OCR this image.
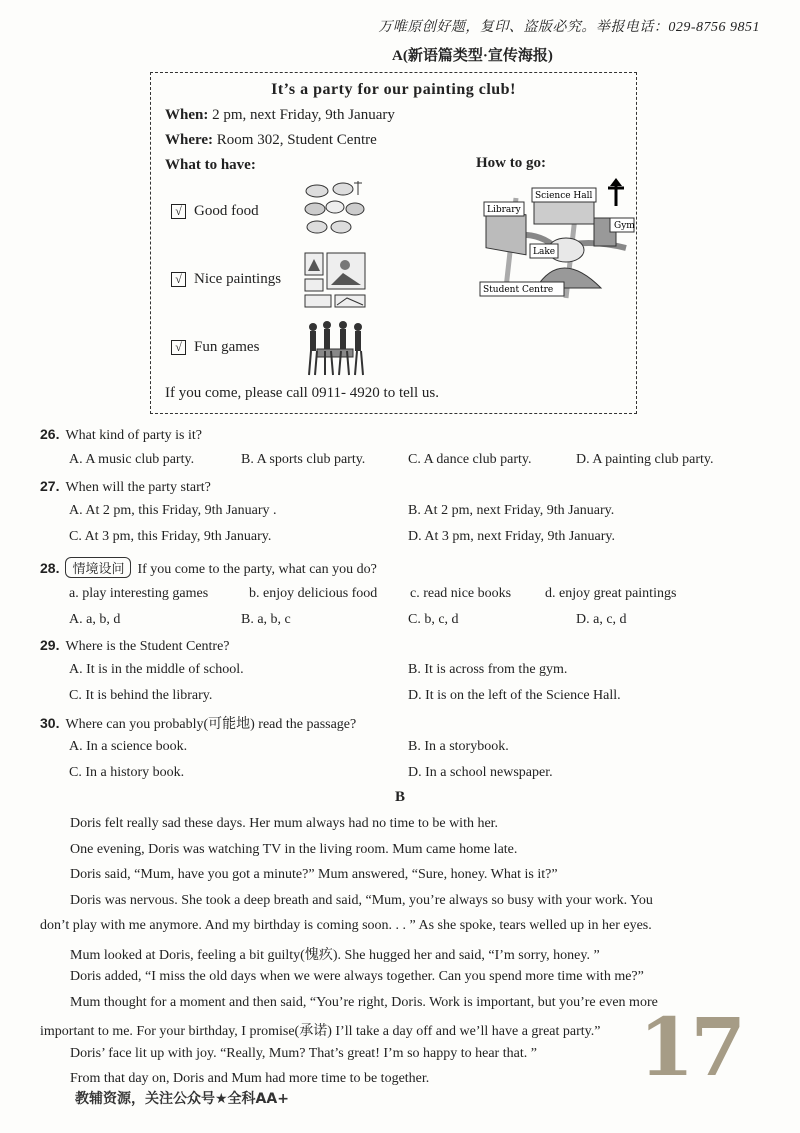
万唯原创好题，复印、盗版必究。举报电话：029-8756 9851
A(新语篇类型·宣传海报)
It’s a party for our painting club!
When: 2 pm, next Friday, 9th January
Where: Room 302, Student Centre
What to have:	How to go:
√ Good food
√ Nice paintings
√ Fun games
Library
Science Hall
Gym
Lake
Student Centre
If you come, please call 0911- 4920 to tell us.
26. What kind of party is it?
A. A music club party.	B. A sports club party.	C. A dance club party.	D. A painting club party.
27. When will the party start?
A. At 2 pm, this Friday, 9th January .	B. At 2 pm, next Friday, 9th January.
C. At 3 pm, this Friday, 9th January.	D. At 3 pm, next Friday, 9th January.
28. 情境设问 If you come to the party, what can you do?
a. play interesting games	b. enjoy delicious food c. read nice books d. enjoy great paintings
A. a, b, d	B. a, b, c	C. b, c, d	D. a, c, d
29. Where is the Student Centre?
A. It is in the middle of school.	B. It is across from the gym.
C. It is behind the library.	D. It is on the left of the Science Hall.
30. Where can you probably(可能地) read the passage?
A. In a science book.	B. In a storybook.
C. In a history book.	D. In a school newspaper.
B
Doris felt really sad these days. Her mum always had no time to be with her.
One evening, Doris was watching TV in the living room. Mum came home late.
Doris said, “Mum, have you got a minute?” Mum answered, “Sure, honey. What is it?”
Doris was nervous. She took a deep breath and said, “Mum, you’re always so busy with your work. You
don’t play with me anymore. And my birthday is coming soon. . . ” As she spoke, tears welled up in her eyes.
Mum looked at Doris, feeling a bit guilty(愧疚). She hugged her and said, “I’m sorry, honey. ”
Doris added, “I miss the old days when we were always together. Can you spend more time with me?”
Mum thought for a moment and then said, “You’re right, Doris. Work is important, but you’re even more
important to me. For your birthday, I promise(承诺) I’ll take a day off and we’ll have a great party.”
Doris’ face lit up with joy. “Really, Mum? That’s great! I’m so happy to hear that. ”
From that day on, Doris and Mum had more time to be together.	17
教辅资源，关注公众号★全科AA+
